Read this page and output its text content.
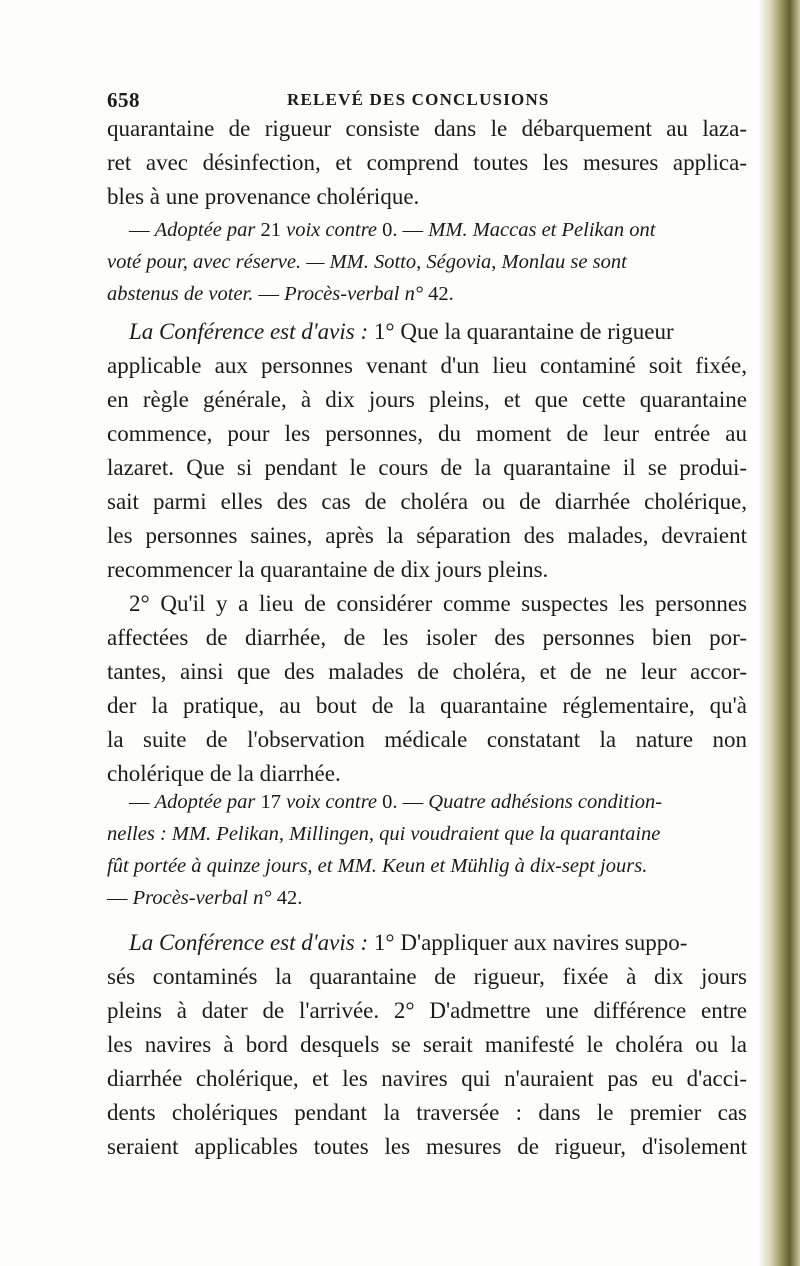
658	RELEVÉ DES CONCLUSIONS
quarantaine de rigueur consiste dans le débarquement au laza-
ret avec désinfection, et comprend toutes les mesures applica-
bles à une provenance cholérique.
— Adoptée par 21 voix contre 0. — MM. Maccas et Pelikan ont
voté pour, avec réserve. — MM. Sotto, Ségovia, Monlau se sont
abstenus de voter. — Procès-verbal n° 42.
La Conférence est d'avis : 1° Que la quarantaine de rigueur
applicable aux personnes venant d'un lieu contaminé soit fixée,
en règle générale, à dix jours pleins, et que cette quarantaine
commence, pour les personnes, du moment de leur entrée au
lazaret. Que si pendant le cours de la quarantaine il se produi-
sait parmi elles des cas de choléra ou de diarrhée cholérique,
les personnes saines, après la séparation des malades, devraient
recommencer la quarantaine de dix jours pleins.
2° Qu'il y a lieu de considérer comme suspectes les personnes
affectées de diarrhée, de les isoler des personnes bien por-
tantes, ainsi que des malades de choléra, et de ne leur accor-
der la pratique, au bout de la quarantaine réglementaire, qu'à
la suite de l'observation médicale constatant la nature non
cholérique de la diarrhée.
— Adoptée par 17 voix contre 0. — Quatre adhésions condition-
nelles : MM. Pelikan, Millingen, qui voudraient que la quarantaine
fût portée à quinze jours, et MM. Keun et Mühlig à dix-sept jours.
— Procès-verbal n° 42.
La Conférence est d'avis : 1° D'appliquer aux navires suppo-
sés contaminés la quarantaine de rigueur, fixée à dix jours
pleins à dater de l'arrivée. 2° D'admettre une différence entre
les navires à bord desquels se serait manifesté le choléra ou la
diarrhée cholérique, et les navires qui n'auraient pas eu d'acci-
dents cholériques pendant la traversée : dans le premier cas
seraient applicables toutes les mesures de rigueur, d'isolement
